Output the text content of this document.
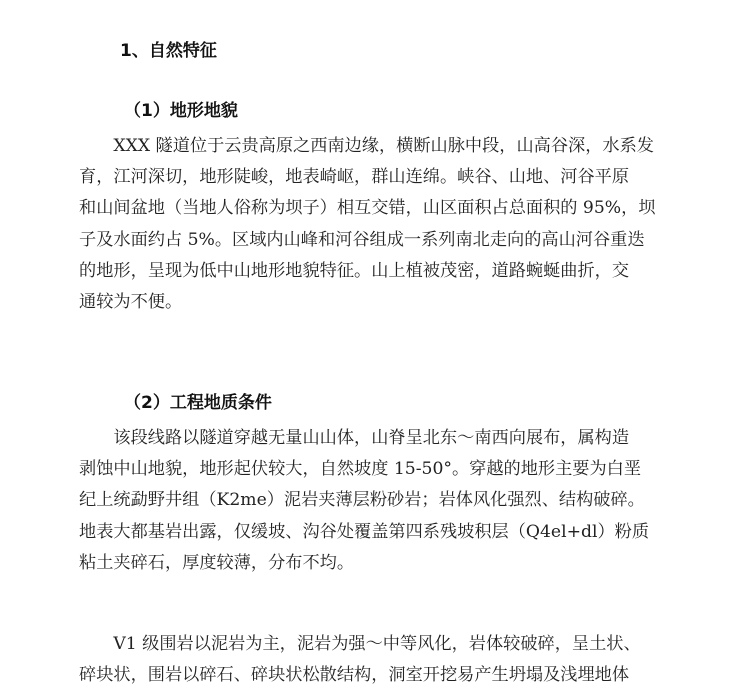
1、自然特征
（1）地形地貌

　　XXX 隧道位于云贵高原之西南边缘，横断山脉中段，山高谷深，水系发
育，江河深切，地形陡峻，地表崎岖，群山连绵。峡谷、山地、河谷平原
和山间盆地（当地人俗称为坝子）相互交错，山区面积占总面积的 95%，坝
子及水面约占 5%。区域内山峰和河谷组成一系列南北走向的高山河谷重迭
的地形，呈现为低中山地形地貌特征。山上植被茂密，道路蜿蜒曲折，交
通较为不便。

（2）工程地质条件

　　该段线路以隧道穿越无量山山体，山脊呈北东～南西向展布，属构造
剥蚀中山地貌，地形起伏较大，自然坡度 15-50°。穿越的地形主要为白垩
纪上统勐野井组（K2me）泥岩夹薄层粉砂岩；岩体风化强烈、结构破碎。
地表大都基岩出露，仅缓坡、沟谷处覆盖第四系残坡积层（Q4el+dl）粉质
粘土夹碎石，厚度较薄，分布不均。

　　V1 级围岩以泥岩为主，泥岩为强～中等风化，岩体较破碎，呈土状、
碎块状，围岩以碎石、碎块状松散结构，洞室开挖易产生坍塌及浅埋地体
